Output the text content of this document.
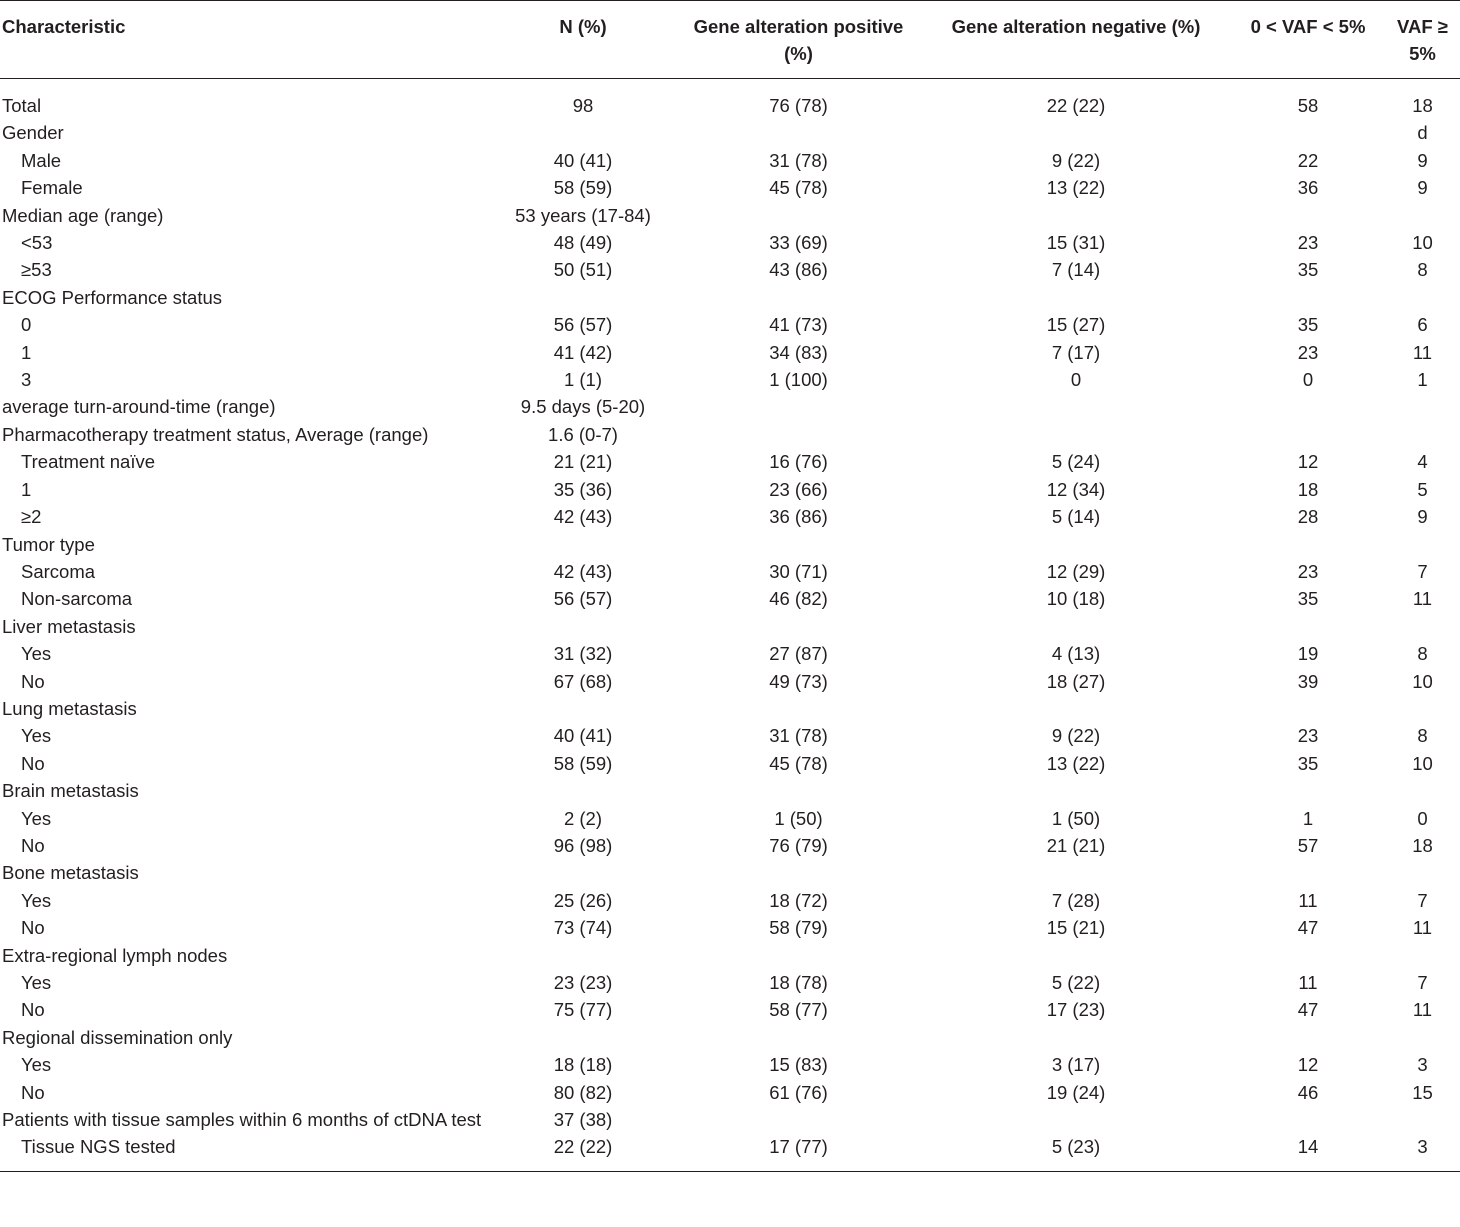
Characteristic	N (%)	Gene alteration positive (%)	Gene alteration negative (%)	0 < VAF < 5%	VAF ≥ 5%
Total	98	76 (78)	22 (22)	58	18
Gender					d
Male	40 (41)	31 (78)	9 (22)	22	9
Female	58 (59)	45 (78)	13 (22)	36	9
Median age (range)	53 years (17-84)				
<53	48 (49)	33 (69)	15 (31)	23	10
≥53	50 (51)	43 (86)	7 (14)	35	8
ECOG Performance status					
0	56 (57)	41 (73)	15 (27)	35	6
1	41 (42)	34 (83)	7 (17)	23	11
3	1 (1)	1 (100)	0	0	1
average turn-around-time (range)	9.5 days (5-20)				
Pharmacotherapy treatment status, Average (range)	1.6 (0-7)				
Treatment naïve	21 (21)	16 (76)	5 (24)	12	4
1	35 (36)	23 (66)	12 (34)	18	5
≥2	42 (43)	36 (86)	5 (14)	28	9
Tumor type					
Sarcoma	42 (43)	30 (71)	12 (29)	23	7
Non-sarcoma	56 (57)	46 (82)	10 (18)	35	11
Liver metastasis					
Yes	31 (32)	27 (87)	4 (13)	19	8
No	67 (68)	49 (73)	18 (27)	39	10
Lung metastasis					
Yes	40 (41)	31 (78)	9 (22)	23	8
No	58 (59)	45 (78)	13 (22)	35	10
Brain metastasis					
Yes	2 (2)	1 (50)	1 (50)	1	0
No	96 (98)	76 (79)	21 (21)	57	18
Bone metastasis					
Yes	25 (26)	18 (72)	7 (28)	11	7
No	73 (74)	58 (79)	15 (21)	47	11
Extra-regional lymph nodes					
Yes	23 (23)	18 (78)	5 (22)	11	7
No	75 (77)	58 (77)	17 (23)	47	11
Regional dissemination only					
Yes	18 (18)	15 (83)	3 (17)	12	3
No	80 (82)	61 (76)	19 (24)	46	15
Patients with tissue samples within 6 months of ctDNA test	37 (38)				
Tissue NGS tested	22 (22)	17 (77)	5 (23)	14	3
